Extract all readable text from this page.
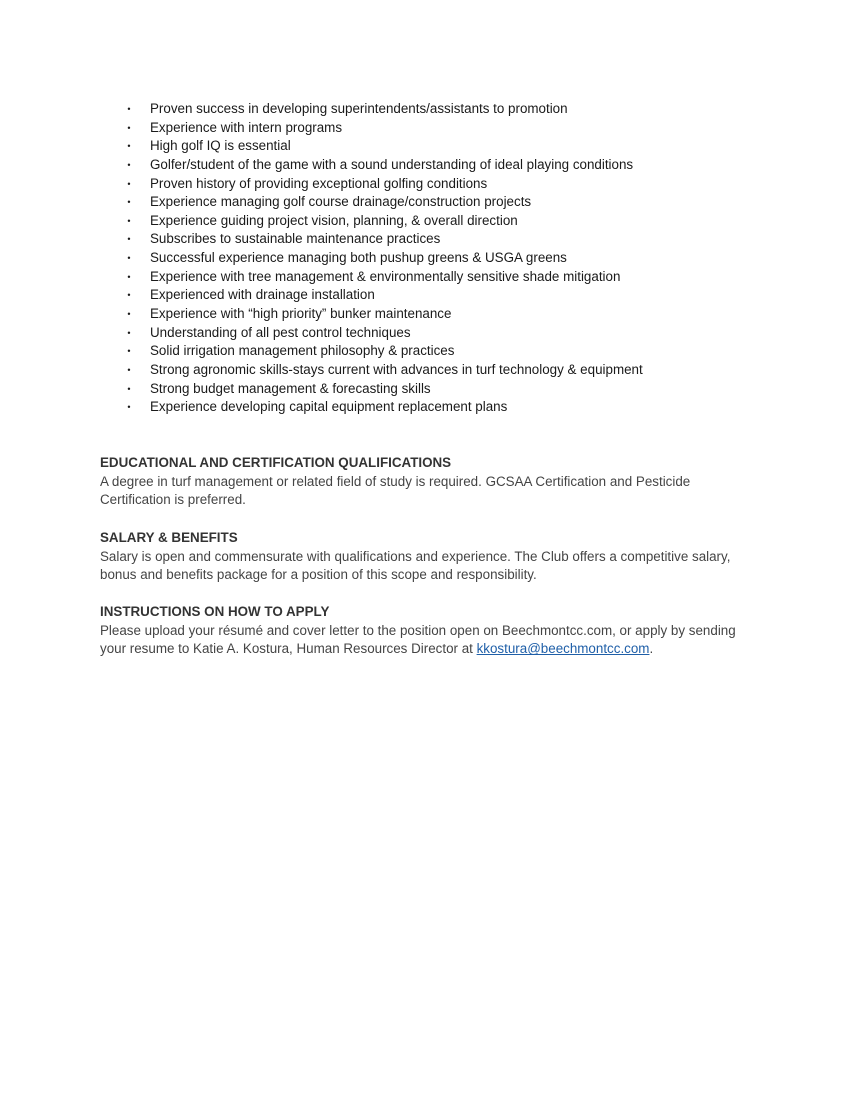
• Proven success in developing superintendents/assistants to promotion
• Experience with intern programs
• High golf IQ is essential
• Golfer/student of the game with a sound understanding of ideal playing conditions
• Proven history of providing exceptional golfing conditions
• Experience managing golf course drainage/construction projects
• Experience guiding project vision, planning, & overall direction
• Subscribes to sustainable maintenance practices
• Successful experience managing both pushup greens & USGA greens
• Experience with tree management & environmentally sensitive shade mitigation
• Experienced with drainage installation
• Experience with “high priority” bunker maintenance
• Understanding of all pest control techniques
• Solid irrigation management philosophy & practices
• Strong agronomic skills-stays current with advances in turf technology & equipment
• Strong budget management & forecasting skills
• Experience developing capital equipment replacement plans
EDUCATIONAL AND CERTIFICATION QUALIFICATIONS

A degree in turf management or related field of study is required. GCSAA Certification and Pesticide Certification is preferred.

SALARY & BENEFITS

Salary is open and commensurate with qualifications and experience. The Club offers a competitive salary, bonus and benefits package for a position of this scope and responsibility.

INSTRUCTIONS ON HOW TO APPLY

Please upload your résumé and cover letter to the position open on Beechmontcc.com, or apply by sending your resume to Katie A. Kostura, Human Resources Director at kkostura@beechmontcc.com.
